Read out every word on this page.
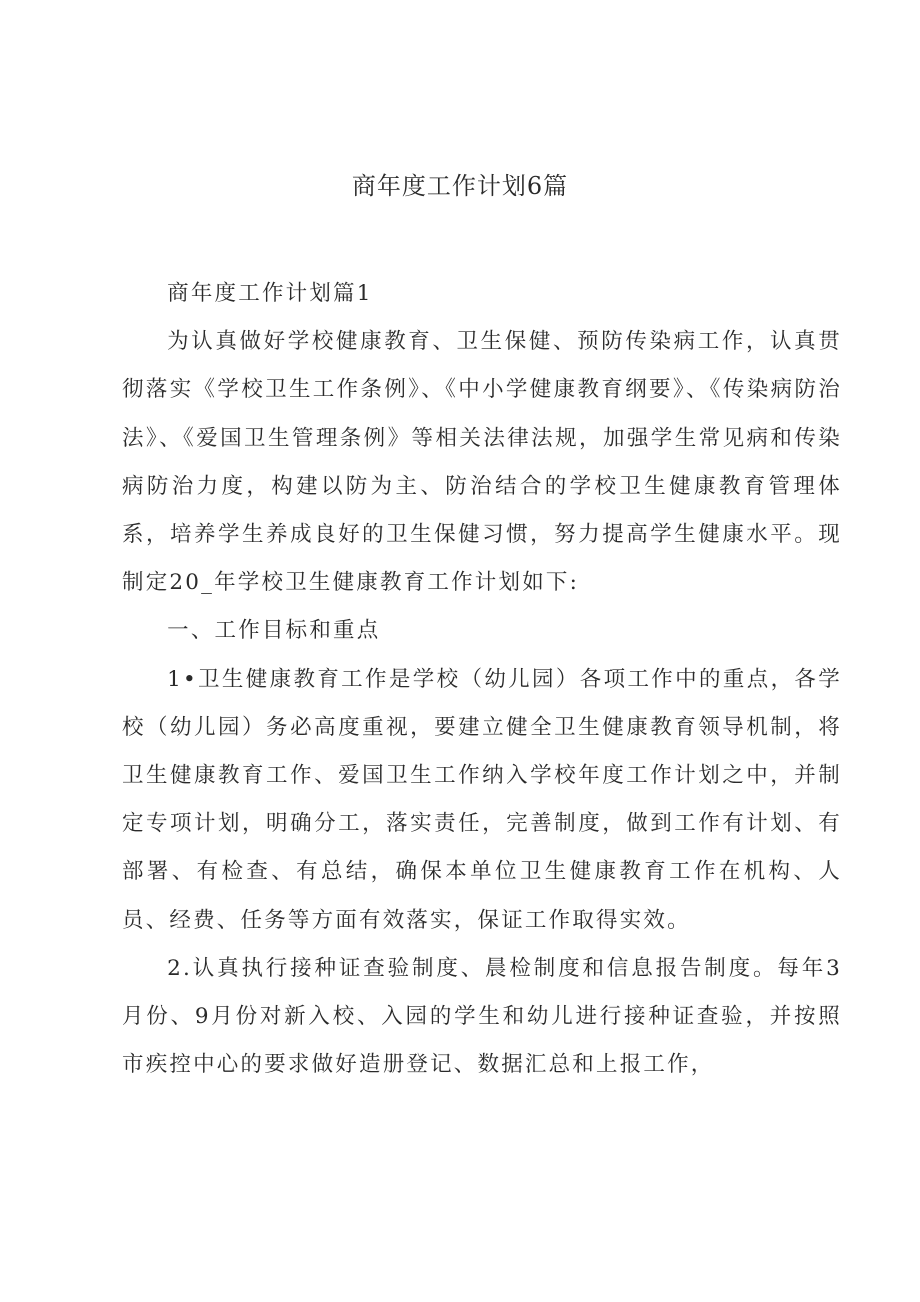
商年度工作计划6篇

商年度工作计划篇1

为认真做好学校健康教育、卫生保健、预防传染病工作，认真贯彻落实《学校卫生工作条例》、《中小学健康教育纲要》、《传染病防治法》、《爱国卫生管理条例》等相关法律法规，加强学生常见病和传染病防治力度，构建以防为主、防治结合的学校卫生健康教育管理体系，培养学生养成良好的卫生保健习惯，努力提高学生健康水平。现制定20_年学校卫生健康教育工作计划如下:

一、工作目标和重点

1•卫生健康教育工作是学校（幼儿园）各项工作中的重点，各学校（幼儿园）务必高度重视，要建立健全卫生健康教育领导机制，将卫生健康教育工作、爱国卫生工作纳入学校年度工作计划之中，并制定专项计划，明确分工，落实责任，完善制度，做到工作有计划、有部署、有检查、有总结，确保本单位卫生健康教育工作在机构、人员、经费、任务等方面有效落实，保证工作取得实效。

2.认真执行接种证查验制度、晨检制度和信息报告制度。每年3月份、9月份对新入校、入园的学生和幼儿进行接种证查验，并按照市疾控中心的要求做好造册登记、数据汇总和上报工作，
